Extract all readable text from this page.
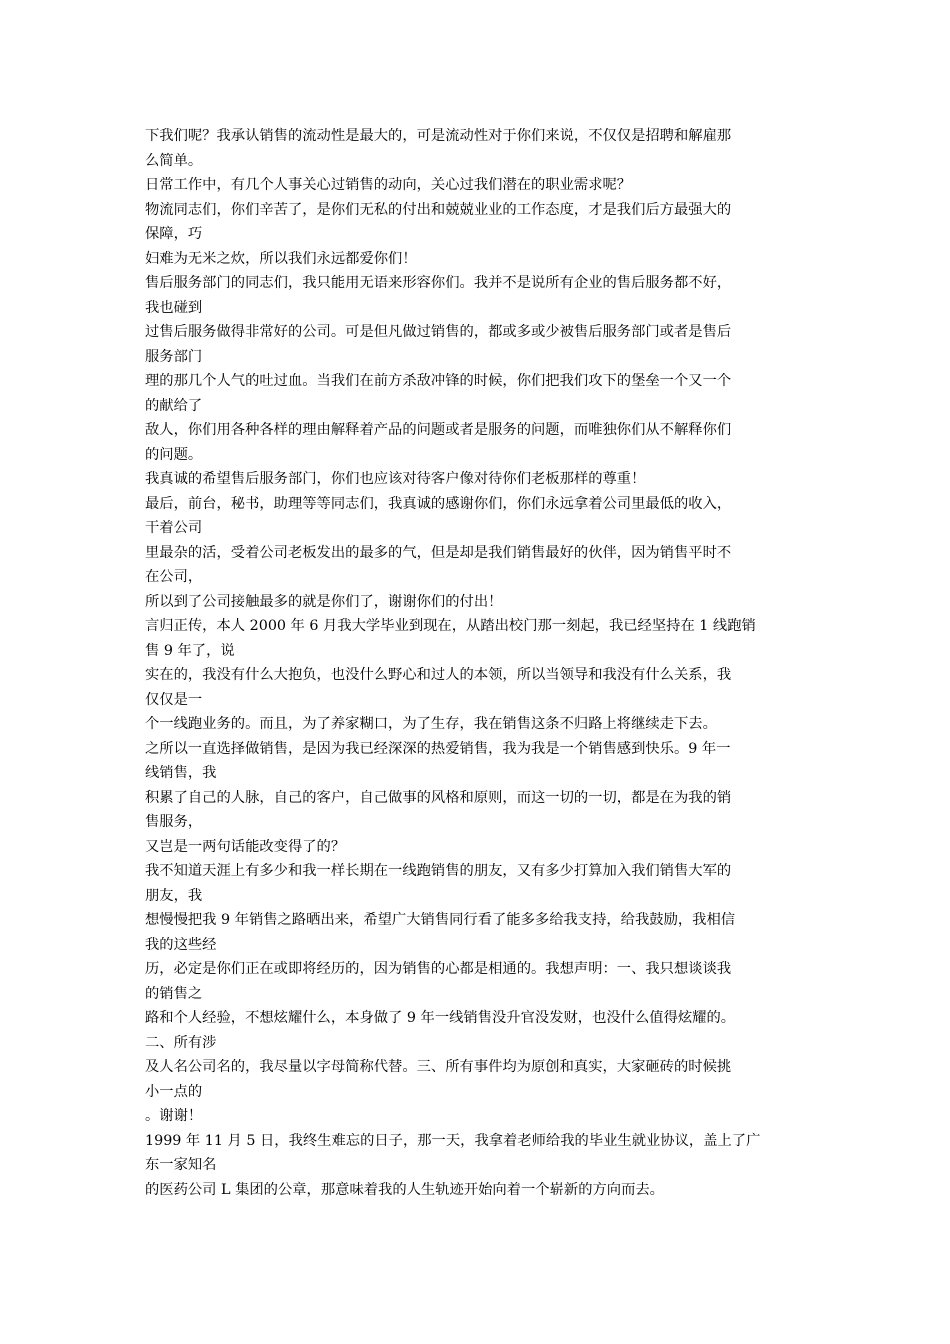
下我们呢？我承认销售的流动性是最大的，可是流动性对于你们来说，不仅仅是招聘和解雇那

么简单。

日常工作中，有几个人事关心过销售的动向，关心过我们潜在的职业需求呢？

物流同志们，你们辛苦了，是你们无私的付出和兢兢业业的工作态度，才是我们后方最强大的

保障，巧

妇难为无米之炊，所以我们永远都爱你们！

售后服务部门的同志们，我只能用无语来形容你们。我并不是说所有企业的售后服务都不好，

我也碰到

过售后服务做得非常好的公司。可是但凡做过销售的，都或多或少被售后服务部门或者是售后

服务部门

理的那几个人气的吐过血。当我们在前方杀敌冲锋的时候，你们把我们攻下的堡垒一个又一个

的献给了

敌人，你们用各种各样的理由解释着产品的问题或者是服务的问题，而唯独你们从不解释你们

的问题。

我真诚的希望售后服务部门，你们也应该对待客户像对待你们老板那样的尊重！

最后，前台，秘书，助理等等同志们，我真诚的感谢你们，你们永远拿着公司里最低的收入，

干着公司

里最杂的活，受着公司老板发出的最多的气，但是却是我们销售最好的伙伴，因为销售平时不

在公司，

所以到了公司接触最多的就是你们了，谢谢你们的付出！

言归正传，本人 2000 年 6 月我大学毕业到现在，从踏出校门那一刻起，我已经坚持在 1 线跑销

售 9 年了，说

实在的，我没有什么大抱负，也没什么野心和过人的本领，所以当领导和我没有什么关系，我

仅仅是一

个一线跑业务的。而且，为了养家糊口，为了生存，我在销售这条不归路上将继续走下去。

之所以一直选择做销售，是因为我已经深深的热爱销售，我为我是一个销售感到快乐。9 年一

线销售，我

积累了自己的人脉，自己的客户，自己做事的风格和原则，而这一切的一切，都是在为我的销

售服务，

又岂是一两句话能改变得了的？

我不知道天涯上有多少和我一样长期在一线跑销售的朋友，又有多少打算加入我们销售大军的

朋友，我

想慢慢把我 9 年销售之路晒出来，希望广大销售同行看了能多多给我支持，给我鼓励，我相信

我的这些经

历，必定是你们正在或即将经历的，因为销售的心都是相通的。我想声明：一、我只想谈谈我

的销售之

路和个人经验，不想炫耀什么，本身做了 9 年一线销售没升官没发财，也没什么值得炫耀的。

二、所有涉

及人名公司名的，我尽量以字母简称代替。三、所有事件均为原创和真实，大家砸砖的时候挑

小一点的

。谢谢！

1999 年 11 月 5 日，我终生难忘的日子，那一天，我拿着老师给我的毕业生就业协议，盖上了广

东一家知名

的医药公司 L 集团的公章，那意味着我的人生轨迹开始向着一个崭新的方向而去。
